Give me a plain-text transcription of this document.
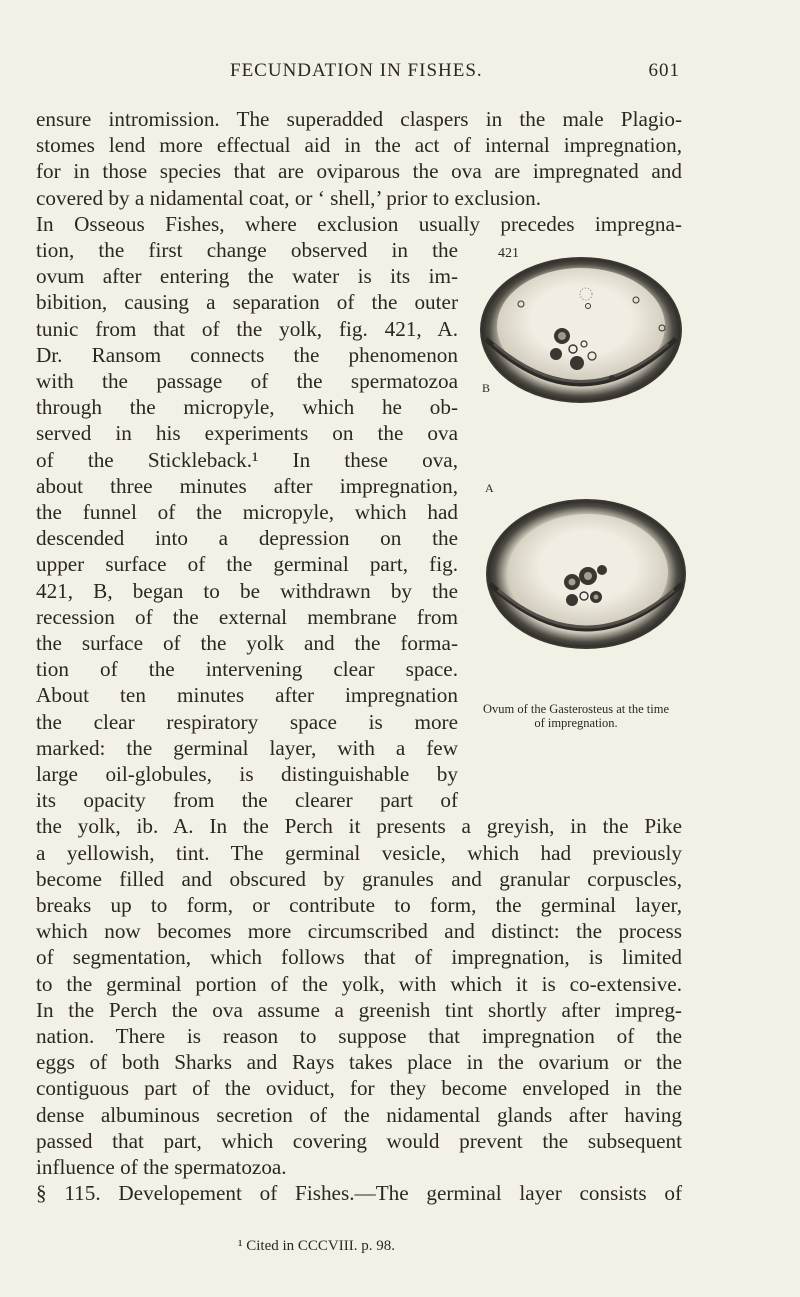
FECUNDATION IN FISHES.	601
ensure intromission. The superadded claspers in the male Plagio-
stomes lend more effectual aid in the act of internal impregnation,
for in those species that are oviparous the ova are impregnated and
covered by a nidamental coat, or ‘ shell,’ prior to exclusion.
In Osseous Fishes, where exclusion usually precedes impregna-
tion, the first change observed in the
ovum after entering the water is its im-
bibition, causing a separation of the outer
tunic from that of the yolk, fig. 421, A.
Dr. Ransom connects the phenomenon
with the passage of the spermatozoa
through the micropyle, which he ob-
served in his experiments on the ova
of the Stickleback.¹ In these ova,
about three minutes after impregnation,
the funnel of the micropyle, which had
descended into a depression on the
upper surface of the germinal part, fig.
421, B, began to be withdrawn by the
recession of the external membrane from
the surface of the yolk and the forma-
tion of the intervening clear space.
About ten minutes after impregnation
the clear respiratory space is more
marked: the germinal layer, with a few
large oil-globules, is distinguishable by
its opacity from the clearer part of
the yolk, ib. A. In the Perch it presents a greyish, in the Pike
a yellowish, tint. The germinal vesicle, which had previously
become filled and obscured by granules and granular corpuscles,
breaks up to form, or contribute to form, the germinal layer,
which now becomes more circumscribed and distinct: the process
of segmentation, which follows that of impregnation, is limited
to the germinal portion of the yolk, with which it is co-extensive.
In the Perch the ova assume a greenish tint shortly after impreg-
nation. There is reason to suppose that impregnation of the
eggs of both Sharks and Rays takes place in the ovarium or the
contiguous part of the oviduct, for they become enveloped in the
dense albuminous secretion of the nidamental glands after having
passed that part, which covering would prevent the subsequent
influence of the spermatozoa.
§ 115. Developement of Fishes.—The germinal layer consists of
421
B
A
Ovum of the Gasterosteus at the time
of impregnation.
¹ Cited in CCCVIII. p. 98.
